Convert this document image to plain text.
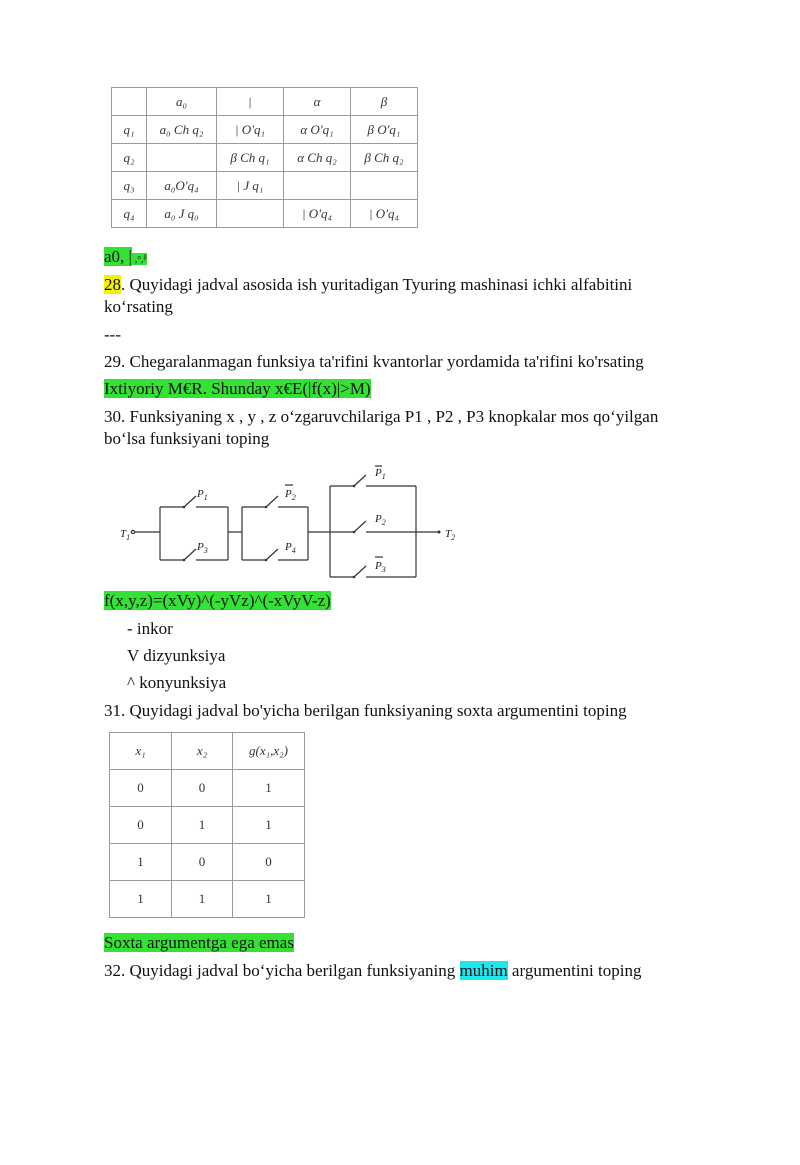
	a₀	|	α	β
q₁	a₀ Ch q₂	| O'q₁	α O'q₁	β O'q₁
q₂		β Ch q₁	α Ch q₂	β Ch q₂
q₃	a₀O'q₄	| J q₁		
q₄	a₀ J q₀		| O'q₄	| O'q₄
a0, | ,ᵅ,ᵝ
28. Quyidagi jadval asosida ish yuritadigan Tyuring mashinasi ichki alfabitini
koʻrsating
---
29. Chegaralanmagan funksiya ta'rifini kvantorlar yordamida ta'rifini ko'rsating
Ixtiyoriy M€R. Shunday x€E(|f(x)|>M)
30. Funksiyaning x , y , z oʻzgaruvchilariga P1 , P2 , P3 knopkalar mos qoʻyilgan
boʻlsa funksiyani toping
$T_1$	$T_2$
$P_1$
$P_3$
$P_2$
$P_4$
$P_1$
$P_2$
$P_3$
f(x,y,z)=(xVy)^(-yVz)^(-xVyV-z)
- inkor
V dizyunksiya
^ konyunksiya
31. Quyidagi jadval bo'yicha berilgan funksiyaning soxta argumentini toping
x₁	x₂	g(x₁,x₂)
0	0	1
0	1	1
1	0	0
1	1	1
Soxta argumentga ega emas
32. Quyidagi jadval boʻyicha berilgan funksiyaning muhim argumentini toping
